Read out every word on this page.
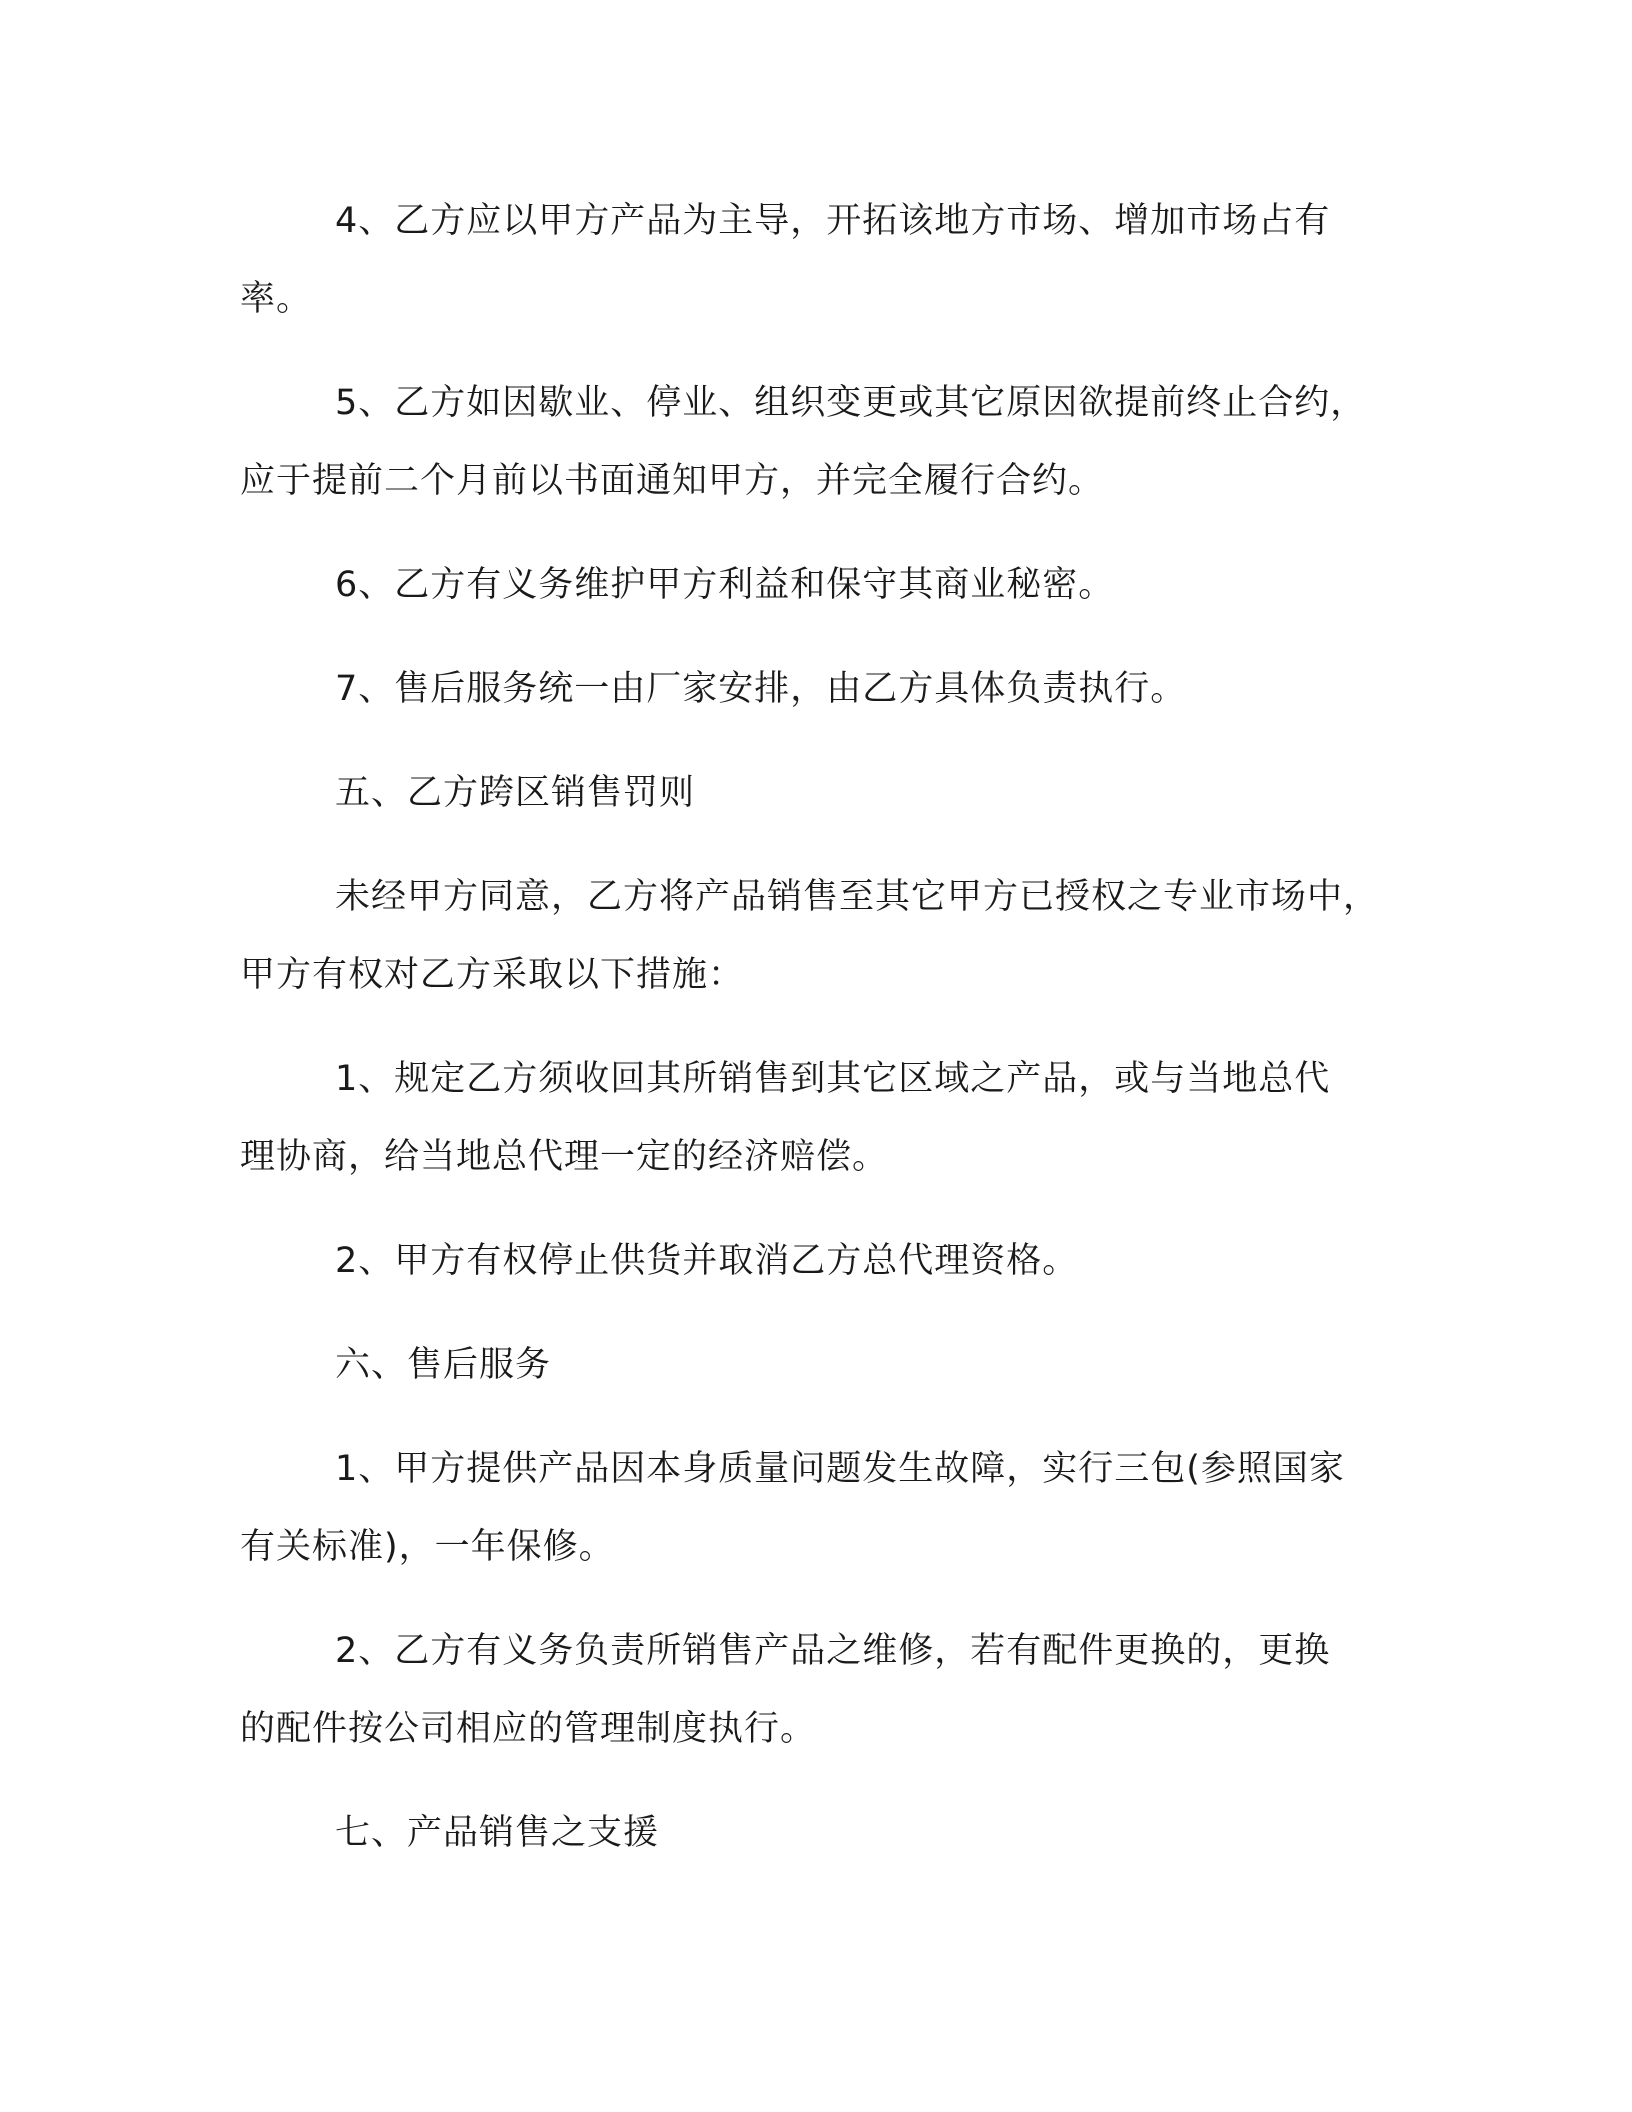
4、乙方应以甲方产品为主导，开拓该地方市场、增加市场占有
率。

5、乙方如因歇业、停业、组织变更或其它原因欲提前终止合约，
应于提前二个月前以书面通知甲方，并完全履行合约。

6、乙方有义务维护甲方利益和保守其商业秘密。

7、售后服务统一由厂家安排，由乙方具体负责执行。

五、乙方跨区销售罚则

未经甲方同意，乙方将产品销售至其它甲方已授权之专业市场中，
甲方有权对乙方采取以下措施：

1、规定乙方须收回其所销售到其它区域之产品，或与当地总代
理协商，给当地总代理一定的经济赔偿。

2、甲方有权停止供货并取消乙方总代理资格。

六、售后服务

1、甲方提供产品因本身质量问题发生故障，实行三包(参照国家
有关标准)，一年保修。

2、乙方有义务负责所销售产品之维修，若有配件更换的，更换
的配件按公司相应的管理制度执行。

七、产品销售之支援
